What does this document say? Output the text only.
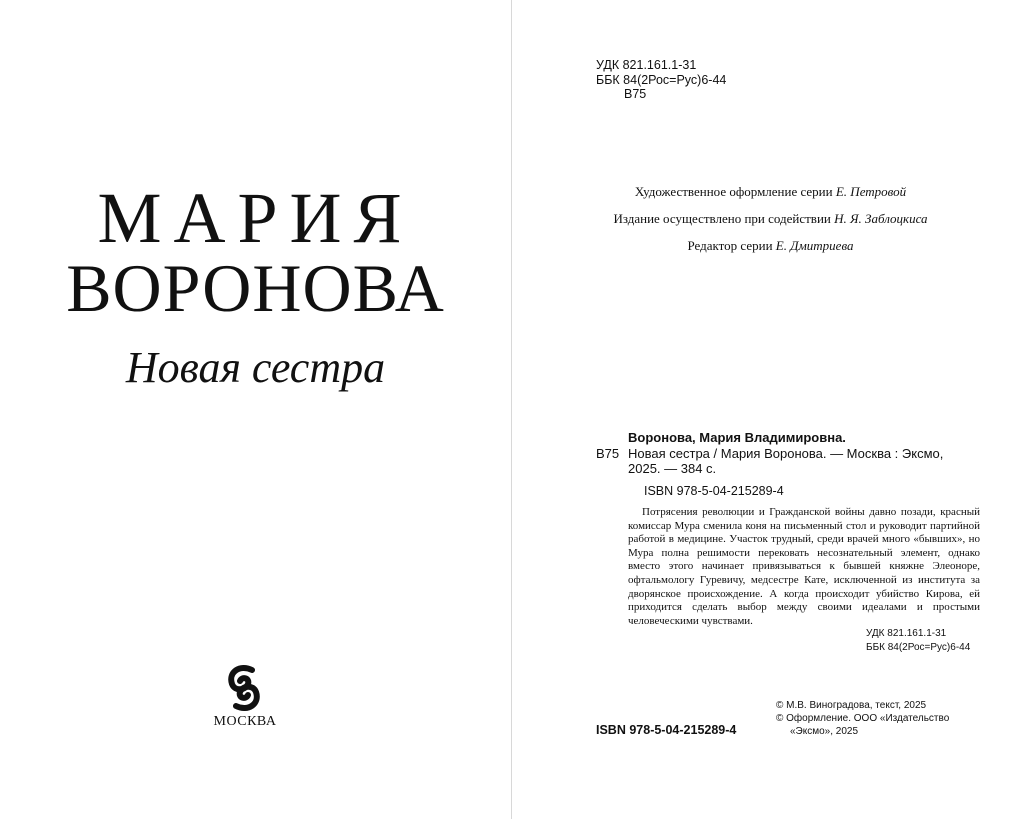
МАРИЯ
ВОРОНОВА
Новая сестра
МОСКВА
УДК 821.161.1-31
ББК 84(2Рос=Рус)6-44
В75
Художественное оформление серии Е. Петровой
Издание осуществлено при содействии Н. Я. Заблоцкиса
Редактор серии Е. Дмитриева
Воронова, Мария Владимировна.
В75 Новая сестра / Мария Воронова. — Москва : Эксмо,
2025. — 384 с.
ISBN 978-5-04-215289-4
Потрясения революции и Гражданской войны давно позади, красный комиссар Мура сменила коня на письменный стол и руководит партийной работой в медицине. Участок трудный, среди врачей много «бывших», но Мура полна решимости перековать несознательный элемент, однако вместо этого начинает привязываться к бывшей княжне Элеоноре, офтальмологу Гуревичу, медсестре Кате, исключенной из института за дворянское происхождение. А когда происходит убийство Кирова, ей приходится сделать выбор между своими идеалами и простыми человеческими чувствами.
УДК 821.161.1-31
ББК 84(2Рос=Рус)6-44
ISBN 978-5-04-215289-4
© М.В. Виноградова, текст, 2025
© Оформление. ООО «Издательство
«Эксмо», 2025
